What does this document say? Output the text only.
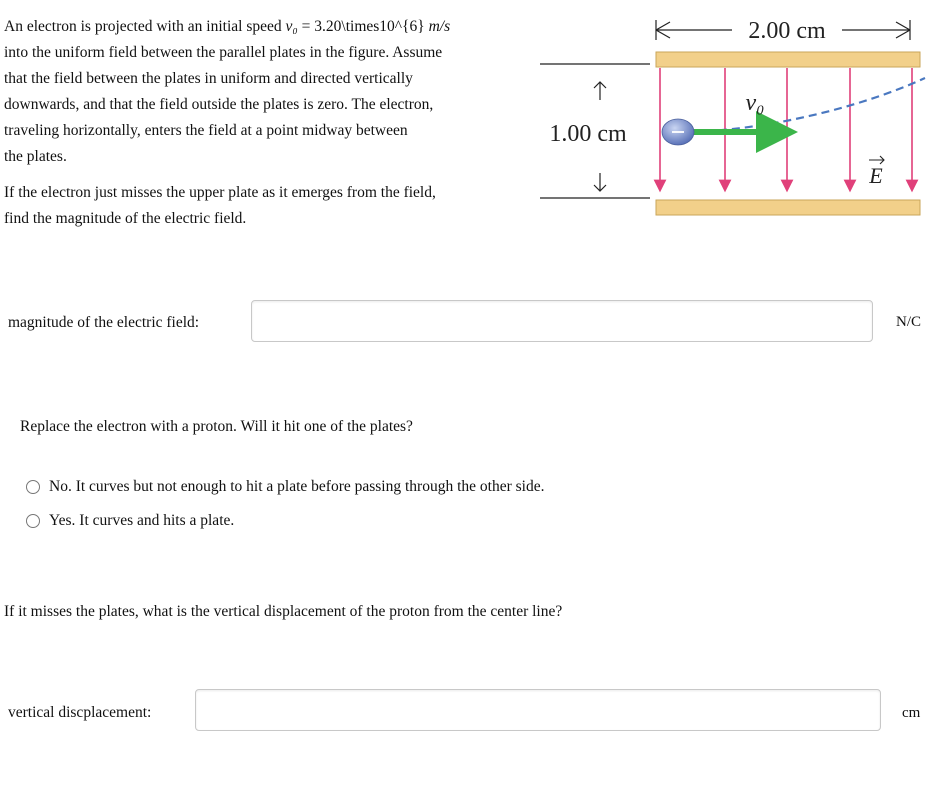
An electron is projected with an initial speed v₀ = 3.20\times10^{6} m/s

into the uniform field between the parallel plates in the figure. Assume

that the field between the plates in uniform and directed vertically

downwards, and that the field outside the plates is zero. The electron,

traveling horizontally, enters the field at a point midway between

the plates.

If the electron just misses the upper plate as it emerges from the field,

find the magnitude of the electric field.

2.00 cm
1.00 cm
v₀
E
magnitude of the electric field:	N/C
Replace the electron with a proton. Will it hit one of the plates?
No. It curves but not enough to hit a plate before passing through the other side.
Yes. It curves and hits a plate.
If it misses the plates, what is the vertical displacement of the proton from the center line?
vertical discplacement:	cm
